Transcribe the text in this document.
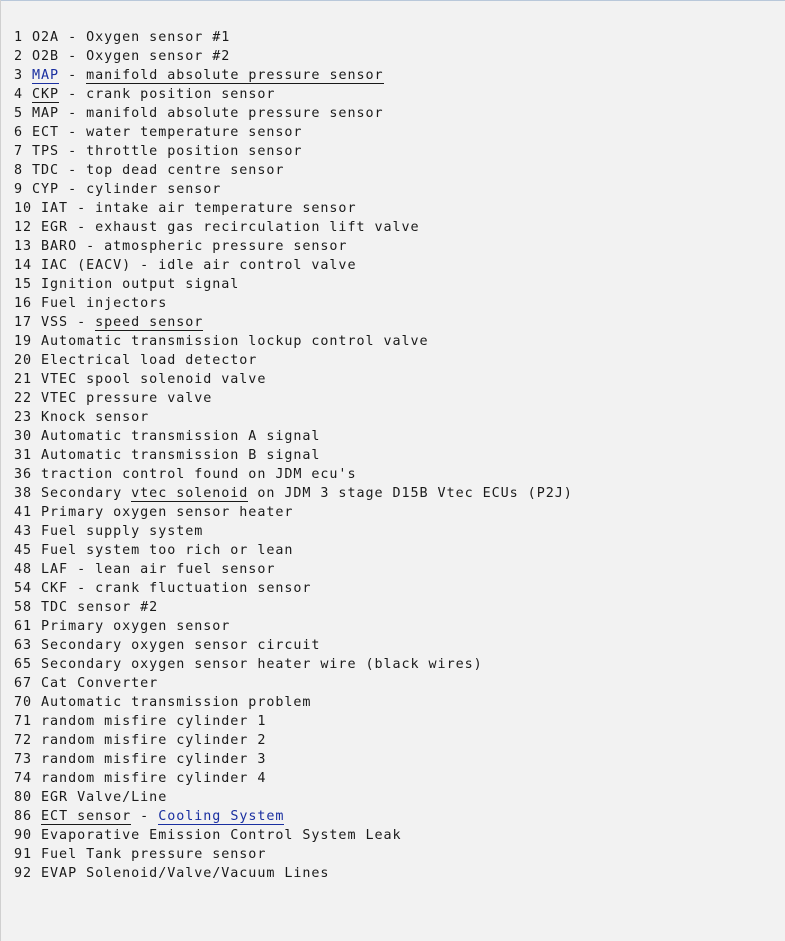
1 O2A - Oxygen sensor #1
2 O2B - Oxygen sensor #2
3 MAP - manifold absolute pressure sensor
4 CKP - crank position sensor
5 MAP - manifold absolute pressure sensor
6 ECT - water temperature sensor
7 TPS - throttle position sensor
8 TDC - top dead centre sensor
9 CYP - cylinder sensor
10 IAT - intake air temperature sensor
12 EGR - exhaust gas recirculation lift valve
13 BARO - atmospheric pressure sensor
14 IAC (EACV) - idle air control valve
15 Ignition output signal
16 Fuel injectors
17 VSS - speed sensor
19 Automatic transmission lockup control valve
20 Electrical load detector
21 VTEC spool solenoid valve
22 VTEC pressure valve
23 Knock sensor
30 Automatic transmission A signal
31 Automatic transmission B signal
36 traction control found on JDM ecu's
38 Secondary vtec solenoid on JDM 3 stage D15B Vtec ECUs (P2J)
41 Primary oxygen sensor heater
43 Fuel supply system
45 Fuel system too rich or lean
48 LAF - lean air fuel sensor
54 CKF - crank fluctuation sensor
58 TDC sensor #2
61 Primary oxygen sensor
63 Secondary oxygen sensor circuit
65 Secondary oxygen sensor heater wire (black wires)
67 Cat Converter
70 Automatic transmission problem
71 random misfire cylinder 1
72 random misfire cylinder 2
73 random misfire cylinder 3
74 random misfire cylinder 4
80 EGR Valve/Line
86 ECT sensor - Cooling System
90 Evaporative Emission Control System Leak
91 Fuel Tank pressure sensor
92 EVAP Solenoid/Valve/Vacuum Lines
